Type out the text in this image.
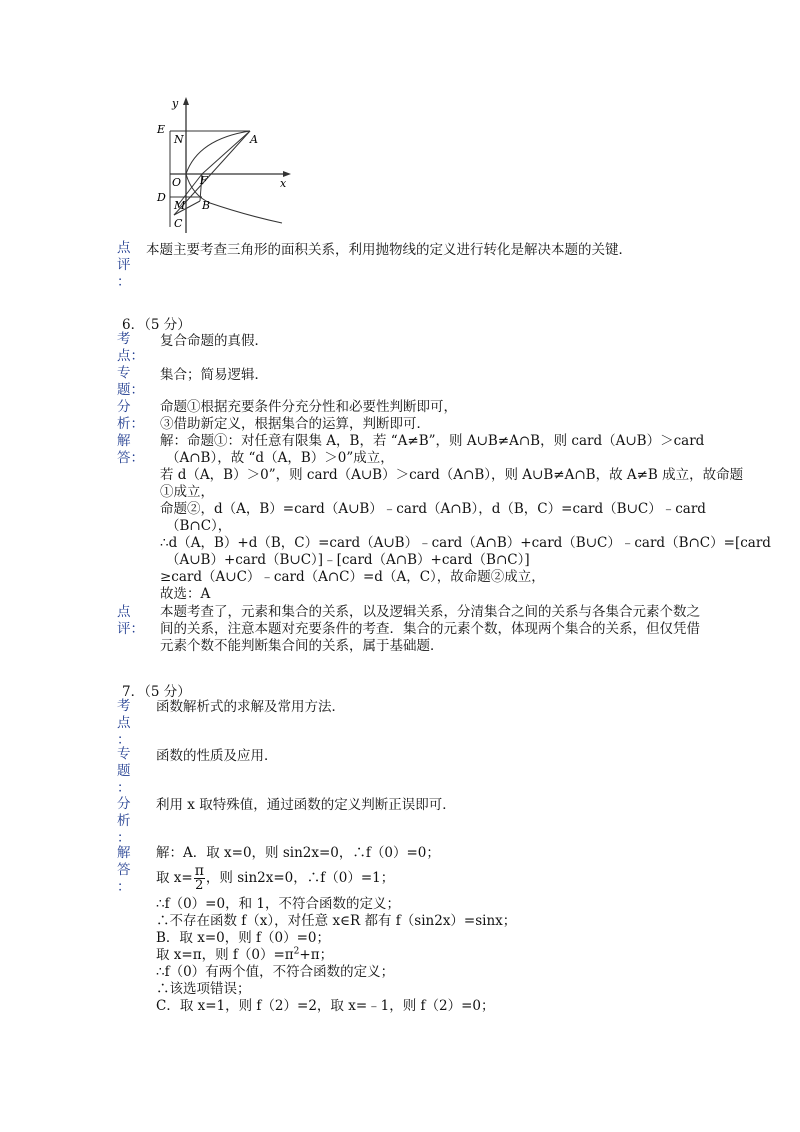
y
x
E
N	A
O F
D
M B
C
点
评
：
本题主要考查三角形的面积关系，利用抛物线的定义进行转化是解决本题的关键．
6．（5 分）
考
点：
复合命题的真假．
专
题：
集合；简易逻辑．
分
析：
命题①根据充要条件分充分性和必要性判断即可，
③借助新定义，根据集合的运算，判断即可．
解
答：
解：命题①：对任意有限集 A，B，若 “A≠B”，则 A∪B≠A∩B，则 card（A∪B）＞card
（A∩B），故 “d（A，B）＞0”成立，
若 d（A，B）＞0”，则 card（A∪B）＞card（A∩B），则 A∪B≠A∩B，故 A≠B 成立，故命题
①成立，
命题②，d（A，B）=card（A∪B）﹣card（A∩B），d（B，C）=card（B∪C）﹣card
（B∩C），
∴d（A，B）+d（B，C）=card（A∪B）﹣card（A∩B）+card（B∪C）﹣card（B∩C）=[card
（A∪B）+card（B∪C）]﹣[card（A∩B）+card（B∩C）]
≥card（A∪C）﹣card（A∩C）=d（A，C），故命题②成立，
故选：A
点
评：
本题考查了，元素和集合的关系，以及逻辑关系，分清集合之间的关系与各集合元素个数之
间的关系，注意本题对充要条件的考查．集合的元素个数，体现两个集合的关系，但仅凭借
元素个数不能判断集合间的关系，属于基础题．
7．（5 分）
考
点
：
函数解析式的求解及常用方法．
专
题
：
函数的性质及应用．
分
析
：
利用 x 取特殊值，通过函数的定义判断正误即可．
解
答
：
解：A．取 x=0，则 sin2x=0，∴f（0）=0；
取 $x= \frac{\pi}{2}$ ，则 sin2x=0，∴f（0）=1；
∴f（0）=0，和 1，不符合函数的定义；
∴不存在函数 f（x），对任意 x∈R 都有 f（sin2x）=sinx；
B．取 x=0，则 f（0）=0；
取 x=π，则 $f(0)=\pi^2+\pi$；
∴f（0）有两个值，不符合函数的定义；
∴该选项错误；
C．取 x=1，则 f（2）=2，取 x=﹣1，则 f（2）=0；
